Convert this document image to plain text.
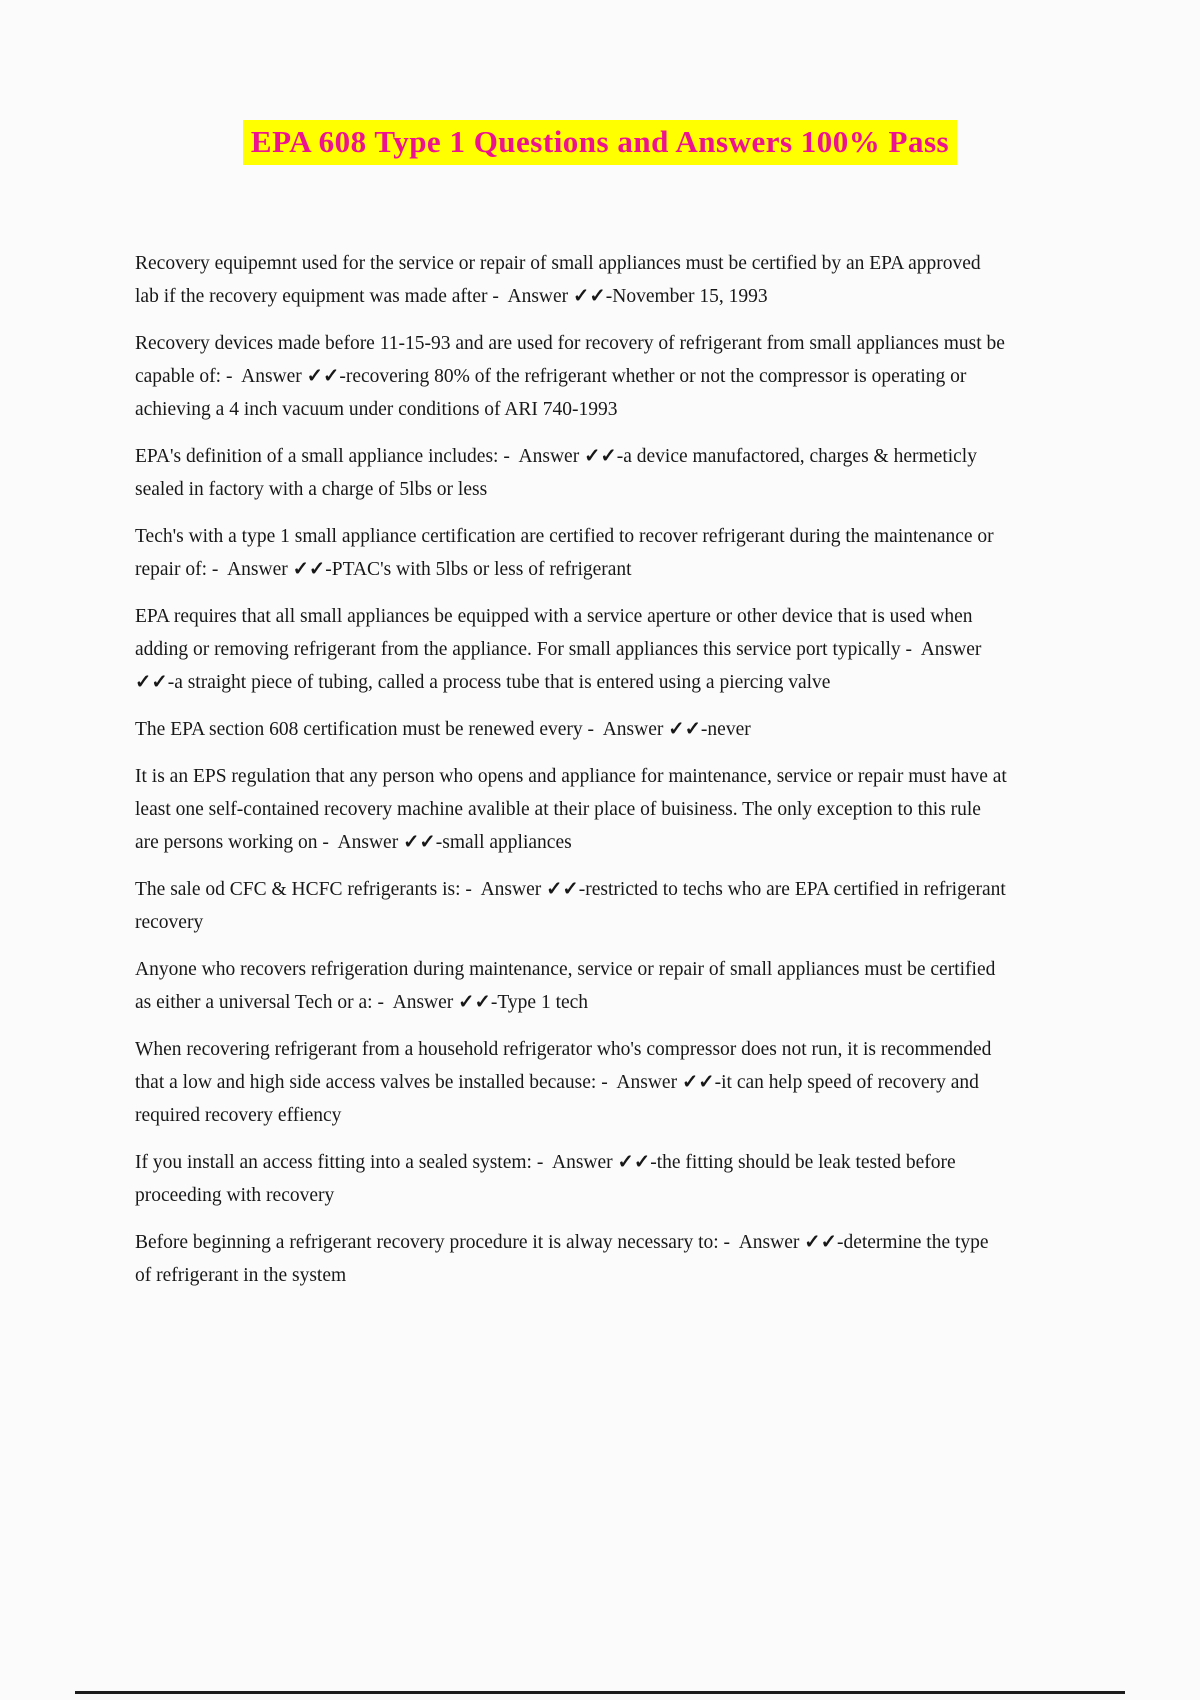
EPA 608 Type 1 Questions and Answers 100% Pass

Recovery equipemnt used for the service or repair of small appliances must be certified by an EPA approved lab if the recovery equipment was made after -  Answer ✓✓-November 15, 1993

Recovery devices made before 11-15-93 and are used for recovery of refrigerant from small appliances must be capable of: -  Answer ✓✓-recovering 80% of the refrigerant whether or not the compressor is operating or achieving a 4 inch vacuum under conditions of ARI 740-1993

EPA's definition of a small appliance includes: -  Answer ✓✓-a device manufactored, charges & hermeticly sealed in factory with a charge of 5lbs or less

Tech's with a type 1 small appliance certification are certified to recover refrigerant during the maintenance or repair of: -  Answer ✓✓-PTAC's with 5lbs or less of refrigerant

EPA requires that all small appliances be equipped with a service aperture or other device that is used when adding or removing refrigerant from the appliance. For small appliances this service port typically -  Answer ✓✓-a straight piece of tubing, called a process tube that is entered using a piercing valve

The EPA section 608 certification must be renewed every -  Answer ✓✓-never

It is an EPS regulation that any person who opens and appliance for maintenance, service or repair must have at least one self-contained recovery machine avalible at their place of buisiness. The only exception to this rule are persons working on -  Answer ✓✓-small appliances

The sale od CFC & HCFC refrigerants is: -  Answer ✓✓-restricted to techs who are EPA certified in refrigerant recovery

Anyone who recovers refrigeration during maintenance, service or repair of small appliances must be certified as either a universal Tech or a: -  Answer ✓✓-Type 1 tech

When recovering refrigerant from a household refrigerator who's compressor does not run, it is recommended that a low and high side access valves be installed because: -  Answer ✓✓-it can help speed of recovery and required recovery effiency

If you install an access fitting into a sealed system: -  Answer ✓✓-the fitting should be leak tested before proceeding with recovery

Before beginning a refrigerant recovery procedure it is alway necessary to: -  Answer ✓✓-determine the type of refrigerant in the system
